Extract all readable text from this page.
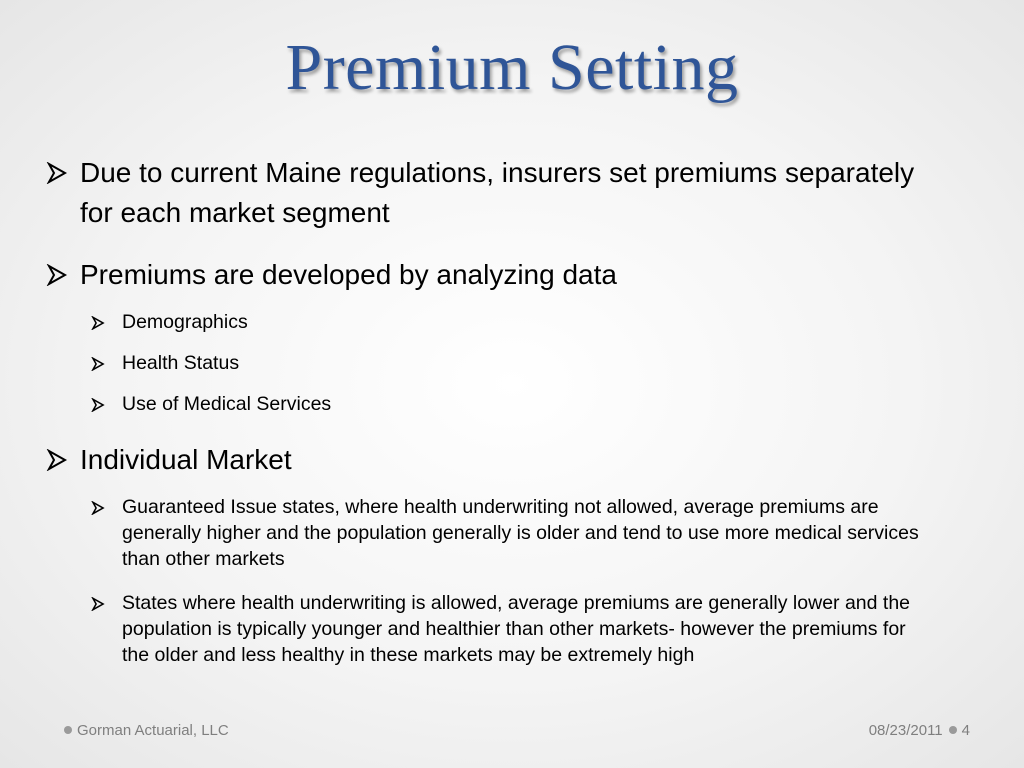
Premium Setting
Due to current Maine regulations, insurers set premiums separately for each market segment
Premiums are developed by analyzing data
Demographics
Health Status
Use of Medical Services
Individual Market
Guaranteed Issue states, where health underwriting not allowed, average premiums are generally higher and the population generally is older and tend to use more medical services than other markets
States where health underwriting is allowed, average premiums are generally lower and the population is typically younger and healthier than other markets- however the premiums for the older and less healthy in these markets may be extremely high
Gorman Actuarial, LLC	08/23/2011 4
